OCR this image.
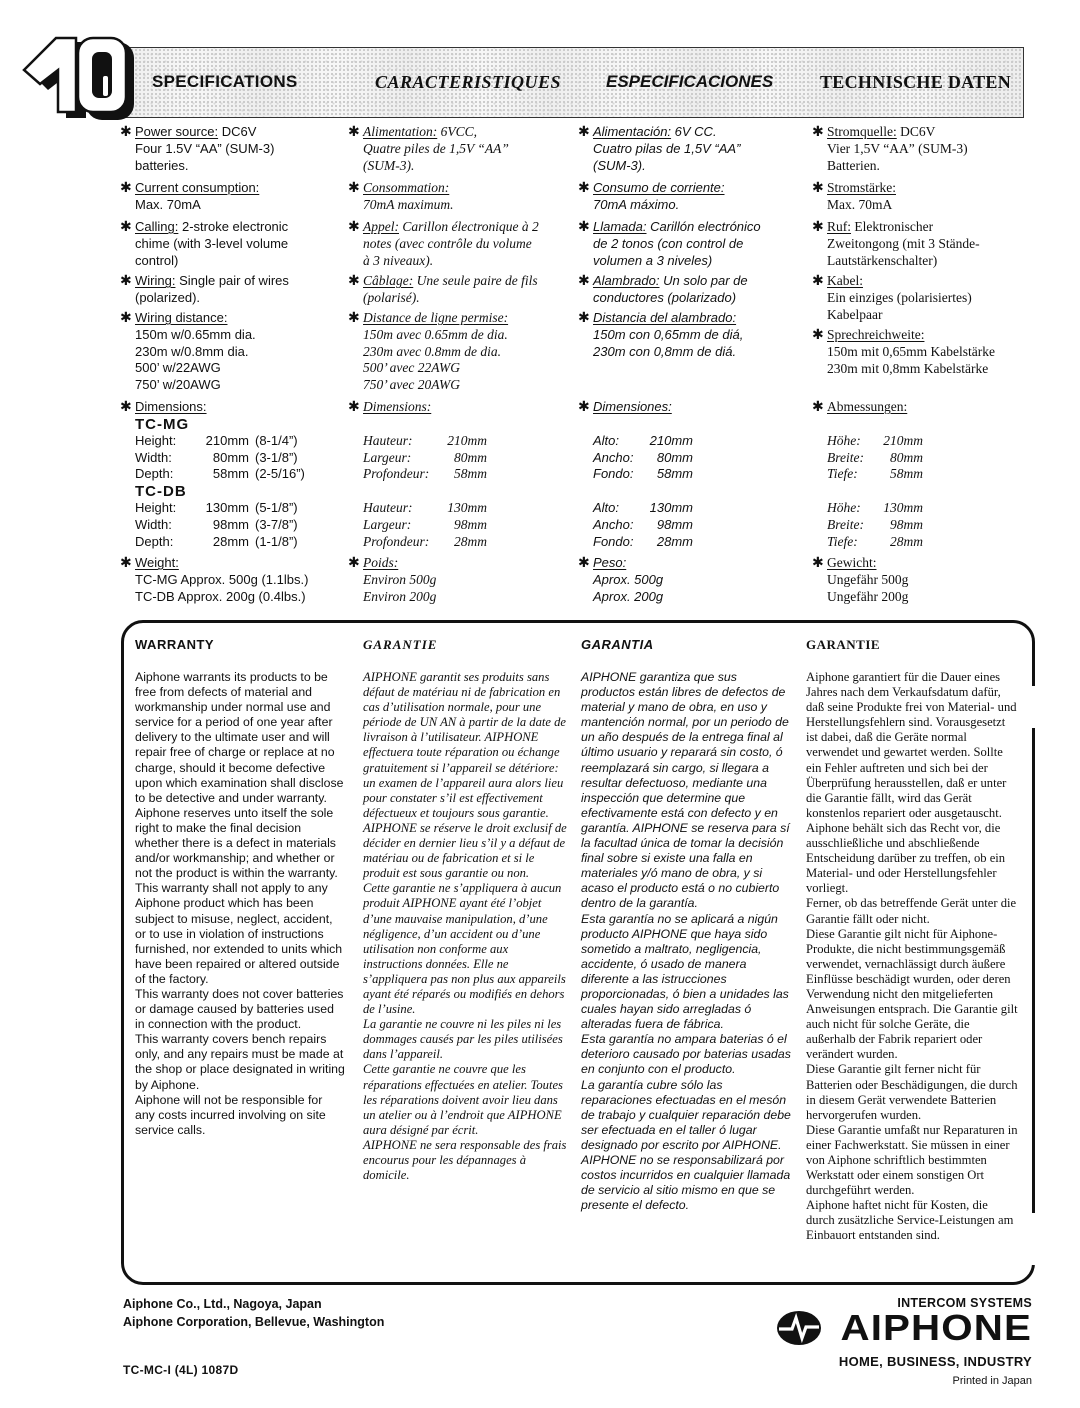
SPECIFICATIONS	CARACTERISTIQUES	ESPECIFICACIONES	TECHNISCHE DATEN
✱ Power source: DC6V
Four 1.5V “AA” (SUM-3)
batteries.
✱ Current consumption:
Max. 70mA
✱ Calling: 2-stroke electronic
chime (with 3-level volume
control)
✱ Wiring: Single pair of wires
(polarized).
✱ Wiring distance:
150m w/0.65mm dia.
230m w/0.8mm dia.
500’ w/22AWG
750’ w/20AWG
✱ Dimensions:
TC-MG
Height:	210mm (8-1/4”)
Width:	80mm (3-1/8”)
Depth:	58mm (2-5/16”)
TC-DB
Height:	130mm (5-1/8”)
Width:	98mm (3-7/8”)
Depth:	28mm (1-1/8”)
✱ Weight:
TC-MG Approx. 500g (1.1lbs.)
TC-DB Approx. 200g (0.4lbs.)
✱ Alimentation: 6VCC,
Quatre piles de 1,5V “AA”
(SUM-3).
✱ Consommation:
70mA maximum.
✱ Appel: Carillon électronique à 2
notes (avec contrôle du volume
à 3 niveaux).
✱ Câblage: Une seule paire de fils
(polarisé).
✱ Distance de ligne permise:
150m avec 0.65mm de dia.
230m avec 0.8mm de dia.
500’ avec 22AWG
750’ avec 20AWG
✱ Dimensions:
Hauteur:	210mm
Largeur:	80mm
Profondeur:	58mm
Hauteur:	130mm
Largeur:	98mm
Profondeur:	28mm
✱ Poids:
Environ 500g
Environ 200g
✱ Alimentación: 6V CC.
Cuatro pilas de 1,5V “AA”
(SUM-3).
✱ Consumo de corriente:
70mA máximo.
✱ Llamada: Carillón electrónico
de 2 tonos (con control de
volumen a 3 niveles)
✱ Alambrado: Un solo par de
conductores (polarizado)
✱ Distancia del alambrado:
150m con 0,65mm de diá,
230m con 0,8mm de diá.
✱ Dimensiones:
Alto:	210mm
Ancho:	80mm
Fondo:	58mm
Alto:	130mm
Ancho:	98mm
Fondo:	28mm
✱ Peso:
Aprox. 500g
Aprox. 200g
✱ Stromquelle: DC6V
Vier 1,5V “AA” (SUM-3)
Batterien.
✱ Stromstärke:
Max. 70mA
✱ Ruf: Elektronischer
Zweitongong (mit 3 Stände-
Lautstärkenschalter)
✱ Kabel:
Ein einziges (polarisiertes)
Kabelpaar
✱ Sprechreichweite:
150m mit 0,65mm Kabelstärke
230m mit 0,8mm Kabelstärke
✱ Abmessungen:
Höhe:	210mm
Breite:	80mm
Tiefe:	58mm
Höhe:	130mm
Breite:	98mm
Tiefe:	28mm
✱ Gewicht:
Ungefähr 500g
Ungefähr 200g
WARRANTY

Aiphone warrants its products to be free from defects of material and workmanship under normal use and service for a period of one year after delivery to the ultimate user and will repair free of charge or replace at no charge, should it become defective upon which examination shall disclose to be detective and under warranty. Aiphone reserves unto itself the sole right to make the final decision whether there is a defect in materials and/or workmanship; and whether or not the product is within the warranty.

This warranty shall not apply to any Aiphone product which has been subject to misuse, neglect, accident, or to use in violation of instructions furnished, nor extended to units which have been repaired or altered outside of the factory.

This warranty does not cover batteries or damage caused by batteries used in connection with the product.

This warranty covers bench repairs only, and any repairs must be made at the shop or place designated in writing by Aiphone.

Aiphone will not be responsible for any costs incurred involving on site service calls.

GARANTIE

AIPHONE garantit ses produits sans défaut de matériau ni de fabrication en cas d’utilisation normale, pour une période de UN AN à partir de la date de livraison à l’utilisateur. AIPHONE effectuera toute réparation ou échange gratuitement si l’appareil se détériore: un examen de l’appareil aura alors lieu pour constater s’il est effectivement défectueux et toujours sous garantie. AIPHONE se réserve le droit exclusif de décider en dernier lieu s’il y a défaut de matériau ou de fabrication et si le produit est sous garantie ou non.

Cette garantie ne s’appliquera à aucun produit AIPHONE ayant été l’objet d’une mauvaise manipulation, d’une négligence, d’un accident ou d’une utilisation non conforme aux instructions données. Elle ne s’appliquera pas non plus aux appareils ayant été réparés ou modifiés en dehors de l’usine.

La garantie ne couvre ni les piles ni les dommages causés par les piles utilisées dans l’appareil.

Cette garantie ne couvre que les réparations effectuées en atelier. Toutes les réparations doivent avoir lieu dans un atelier ou à l’endroit que AIPHONE aura désigné par écrit.

AIPHONE ne sera responsable des frais encourus pour les dépannages à domicile.

GARANTIA

AIPHONE garantiza que sus productos están libres de defectos de material y mano de obra, en uso y mantención normal, por un periodo de un año después de la entrega final al último usuario y reparará sin costo, ó reemplazará sin cargo, si llegara a resultar defectuoso, mediante una inspección que determine que efectivamente está con defecto y en garantía. AIPHONE se reserva para sí la facultad única de tomar la decisión final sobre si existe una falla en materiales y/ó mano de obra, y si acaso el producto está o no cubierto dentro de la garantía.

Esta garantía no se aplicará a nigún producto AIPHONE que haya sido sometido a maltrato, negligencia, accidente, ó usado de manera diferente a las istrucciones proporcionadas, ó bien a unidades las cuales hayan sido arregladas ó alteradas fuera de fábrica.

Esta garantía no ampara baterias ó el deterioro causado por baterias usadas en conjunto con el producto.

La garantía cubre sólo las reparaciones efectuadas en el mesón de trabajo y cualquier reparación debe ser efectuada en el taller ó lugar designado por escrito por AIPHONE.

AIPHONE no se responsabilizará por costos incurridos en cualquier llamada de servicio al sitio mismo en que se presente el defecto.

GARANTIE

Aiphone garantiert für die Dauer eines Jahres nach dem Verkaufsdatum dafür, daß seine Produkte frei von Material- und Herstellungsfehlern sind. Vorausgesetzt ist dabei, daß die Geräte normal verwendet und gewartet werden. Sollte ein Fehler auftreten und sich bei der Überprüfung herausstellen, daß er unter die Garantie fällt, wird das Gerät konstenlos repariert oder ausgetauscht. Aiphone behält sich das Recht vor, die ausschließliche und abschließende Entscheidung darüber zu treffen, ob ein Material- und oder Herstellungsfehler vorliegt.

Ferner, ob das betreffende Gerät unter die Garantie fällt oder nicht.

Diese Garantie gilt nicht für Aiphone-Produkte, die nicht bestimmungsgemäß verwendet, vernachlässigt durch äußere Einflüsse beschädigt wurden, oder deren Verwendung nicht den mitgelieferten Anweisungen entsprach. Die Garantie gilt auch nicht für solche Geräte, die außerhalb der Fabrik repariert oder verändert wurden.

Diese Garantie gilt ferner nicht für Batterien oder Beschädigungen, die durch in diesem Gerät verwendete Batterien hervorgerufen wurden.

Diese Garantie umfaßt nur Reparaturen in einer Fachwerkstatt. Sie müssen in einer von Aiphone schriftlich bestimmten Werkstatt oder einem sonstigen Ort durchgeführt werden.

Aiphone haftet nicht für Kosten, die durch zusätzliche Service-Leistungen am Einbauort entstanden sind.

Aiphone Co., Ltd., Nagoya, Japan
Aiphone Corporation, Bellevue, Washington
TC-MC-I (4L) 1087D
INTERCOM SYSTEMS
AIPHONE
HOME, BUSINESS, INDUSTRY
Printed in Japan
